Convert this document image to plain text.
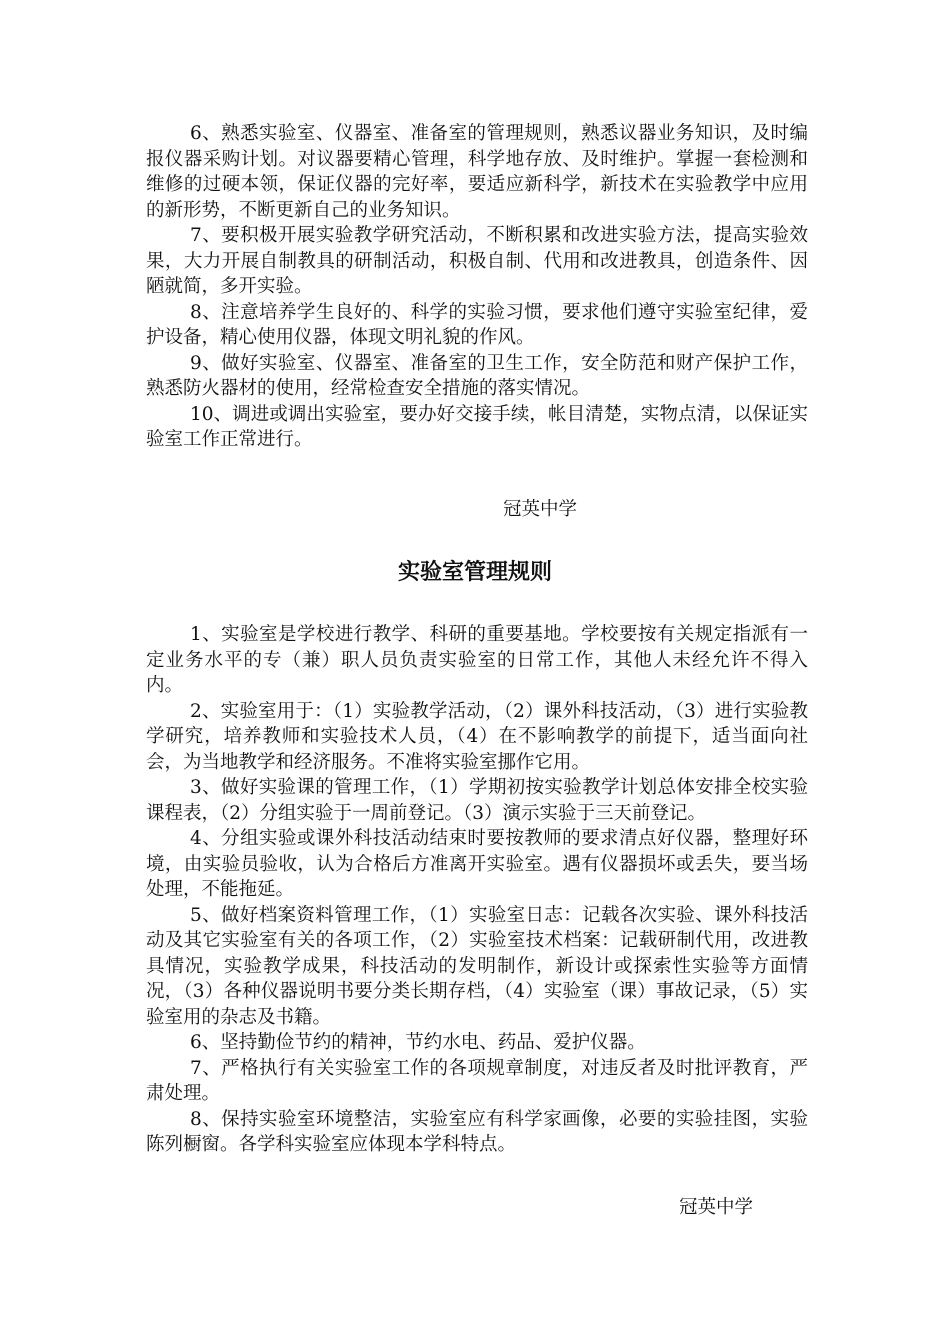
6、熟悉实验室、仪器室、准备室的管理规则，熟悉议器业务知识，及时编报仪器采购计划。对议器要精心管理，科学地存放、及时维护。掌握一套检测和维修的过硬本领，保证仪器的完好率，要适应新科学，新技术在实验教学中应用的新形势，不断更新自己的业务知识。

7、要积极开展实验教学研究活动，不断积累和改进实验方法，提高实验效果，大力开展自制教具的研制活动，积极自制、代用和改进教具，创造条件、因陋就简，多开实验。

8、注意培养学生良好的、科学的实验习惯，要求他们遵守实验室纪律，爱护设备，精心使用仪器，体现文明礼貌的作风。

9、做好实验室、仪器室、准备室的卫生工作，安全防范和财产保护工作，熟悉防火器材的使用，经常检查安全措施的落实情况。

10、调进或调出实验室，要办好交接手续，帐目清楚，实物点清，以保证实验室工作正常进行。

冠英中学
实验室管理规则

1、实验室是学校进行教学、科研的重要基地。学校要按有关规定指派有一定业务水平的专（兼）职人员负责实验室的日常工作，其他人未经允许不得入内。

2、实验室用于：（1）实验教学活动，（2）课外科技活动，（3）进行实验教学研究，培养教师和实验技术人员，（4）在不影响教学的前提下，适当面向社会，为当地教学和经济服务。不准将实验室挪作它用。

3、做好实验课的管理工作，（1）学期初按实验教学计划总体安排全校实验课程表，（2）分组实验于一周前登记。（3）演示实验于三天前登记。

4、分组实验或课外科技活动结束时要按教师的要求清点好仪器，整理好环境，由实验员验收，认为合格后方准离开实验室。遇有仪器损坏或丢失，要当场处理，不能拖延。

5、做好档案资料管理工作，（1）实验室日志：记载各次实验、课外科技活动及其它实验室有关的各项工作，（2）实验室技术档案：记载研制代用，改进教具情况，实验教学成果，科技活动的发明制作，新设计或探索性实验等方面情况，（3）各种仪器说明书要分类长期存档，（4）实验室（课）事故记录，（5）实验室用的杂志及书籍。

6、坚持勤俭节约的精神，节约水电、药品、爱护仪器。

7、严格执行有关实验室工作的各项规章制度，对违反者及时批评教育，严肃处理。

8、保持实验室环境整洁，实验室应有科学家画像，必要的实验挂图，实验陈列橱窗。各学科实验室应体现本学科特点。

冠英中学
